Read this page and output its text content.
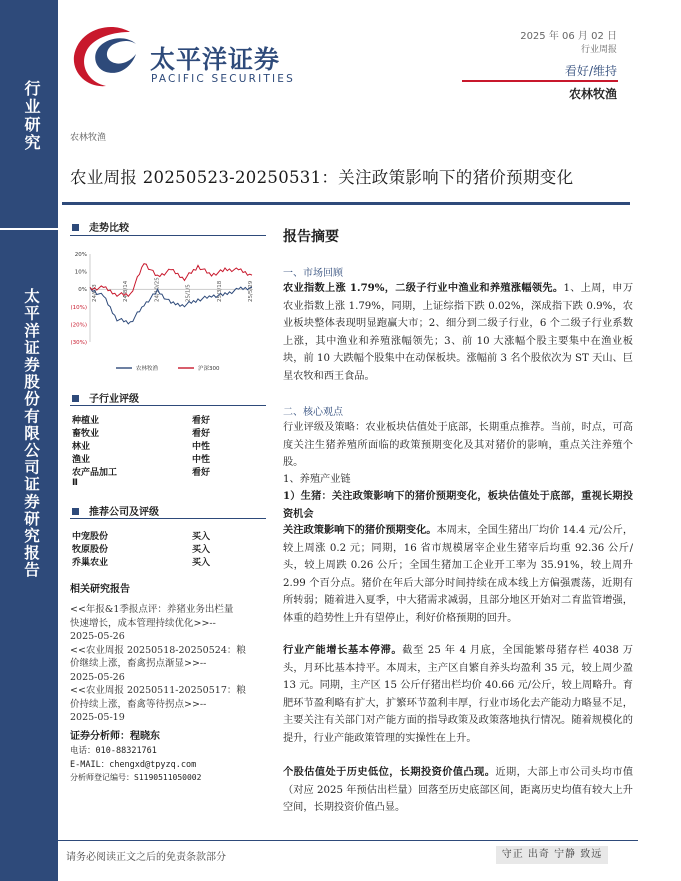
行业研究
太平洋证券股份有限公司证券研究报告
太平洋证券
PACIFIC SECURITIES
2025 年 06 月 02 日
行业周报
看好/维持
农林牧渔
农林牧渔
农业周报 20250523-20250531：关注政策影响下的猪价预期变化
走势比较
20%
10%
0%
(10%)
(20%)
(30%)
24/6/3	24/8/14	24/10/25	25/1/5	25/3/18	25/5/29
农林牧渔	沪深300
子行业评级
种植业	看好
畜牧业	看好
林业	中性
渔业	中性
农产品加工	看好
Ⅱ
推荐公司及评级
中宠股份	买入
牧原股份	买入
乔巢农业	买入
相关研究报告
<<年报&1季报点评：养猪业务出栏量
快速增长，成本管理持续优化>>--
2025-05-26
<<农业周报 20250518-20250524：粮
价继续上涨，畜禽拐点渐显>>--
2025-05-26
<<农业周报 20250511-20250517：粮
价持续上涨，畜禽等待拐点>>--
2025-05-19
证券分析师：程晓东
电话：010-88321761
E-MAIL：chengxd@tpyzq.com
分析师登记编号：S1190511050002
报告摘要
一、市场回顾
农业指数上涨 1.79%，二级子行业中渔业和养殖涨幅领先。1、上周，申万农业指数上涨 1.79%，同期，上证综指下跌 0.02%，深成指下跌 0.9%，农业板块整体表现明显跑赢大市；2、细分到二级子行业，6 个二级子行业系数上涨，其中渔业和养殖涨幅领先；3、前 10 大涨幅个股主要集中在渔业板块，前 10 大跌幅个股集中在动保板块。涨幅前 3 名个股依次为 ST 天山、巨星农牧和西王食品。
二、核心观点
行业评级及策略：农业板块估值处于底部，长期重点推荐。当前，时点，可高度关注生猪养殖所面临的政策预期变化及其对猪价的影响，重点关注养殖个股。
1、养殖产业链
1）生猪：关注政策影响下的猪价预期变化，板块估值处于底部，重视长期投资机会
关注政策影响下的猪价预期变化。本周末，全国生猪出厂均价 14.4 元/公斤，较上周涨 0.2 元；同期，16 省市规模屠宰企业生猪宰后均重 92.36 公斤/头，较上周跌 0.26 公斤；全国生猪加工企业开工率为 35.91%，较上周升 2.99 个百分点。猪价在年后大部分时间持续在成本线上方偏强震荡，近期有所转弱；随着进入夏季，中大猪需求减弱，且部分地区开始对二育监管增强，体重的趋势性上升有望停止，利好价格预期的回升。
行业产能增长基本停滞。截至 25 年 4 月底，全国能繁母猪存栏 4038 万头，月环比基本持平。本周末，主产区自繁自养头均盈利 35 元，较上周少盈 13 元。同期，主产区 15 公斤仔猪出栏均价 40.66 元/公斤，较上周略升。育肥环节盈利略有扩大，扩繁环节盈利丰厚，行业市场化去产能动力略显不足，主要关注有关部门对产能方面的指导政策及政策落地执行情况。随着规模化的提升，行业产能政策管理的实操性在上升。
个股估值处于历史低位，长期投资价值凸现。近期，大部上市公司头均市值（对应 2025 年预估出栏量）回落至历史底部区间，距离历史均值有较大上升空间，长期投资价值凸显。
请务必阅读正文之后的免责条款部分	守正 出奇 宁静 致远
